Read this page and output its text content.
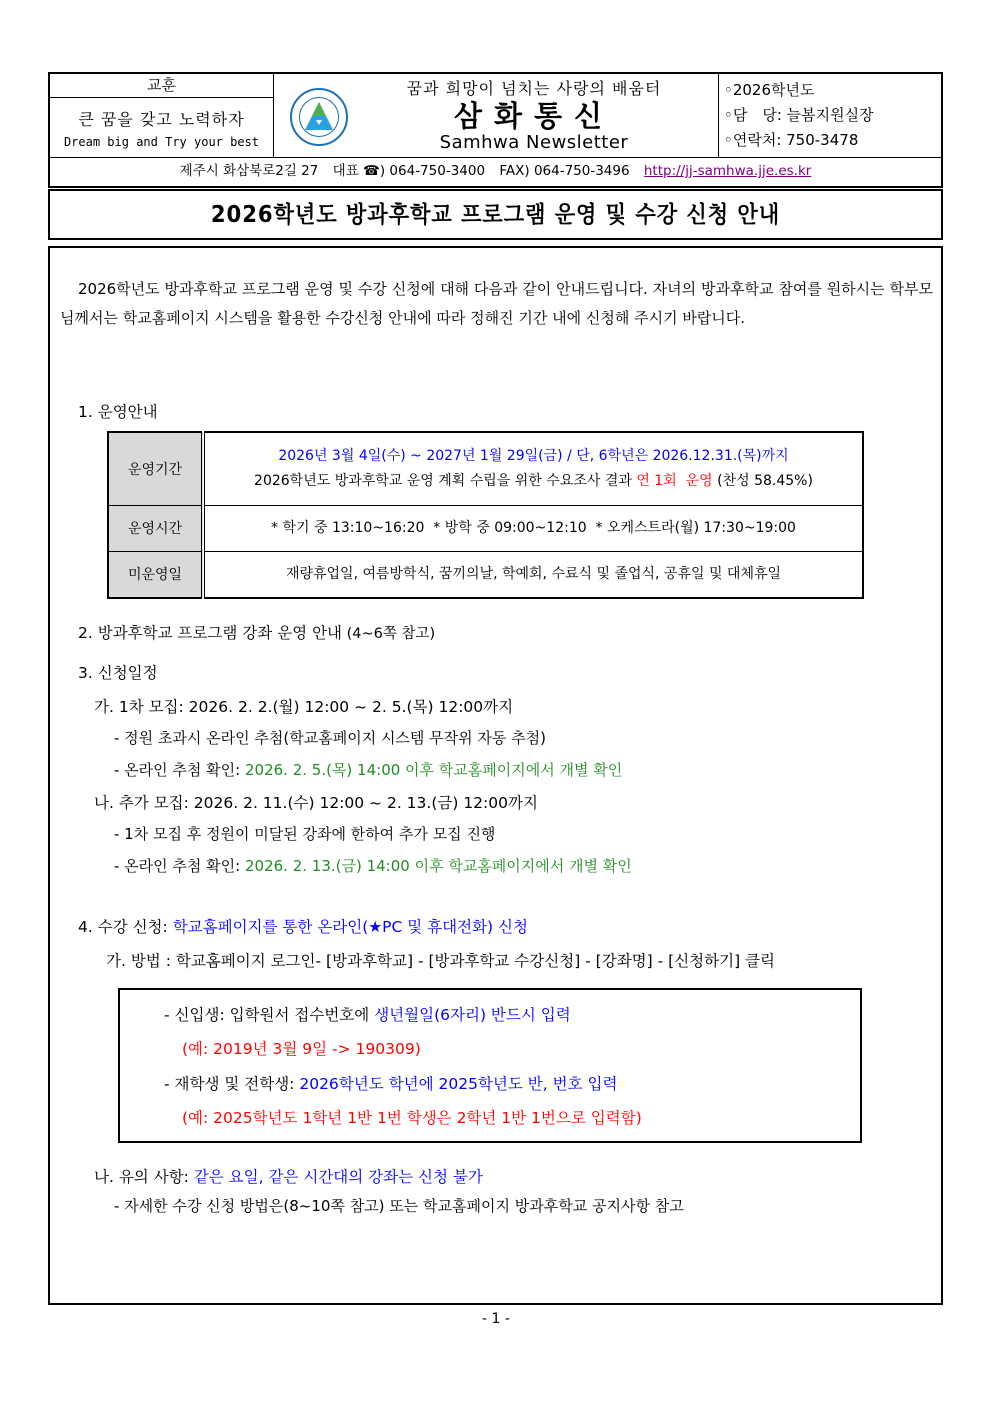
교훈
큰 꿈을 갖고 노력하자
Dream big and Try your best
꿈과 희망이 넘치는 사랑의 배움터
삼화통신
Samhwa Newsletter
◦2026학년도
◦담　당: 늘봄지원실장
◦연락처: 750-3478
제주시 화삼북로2길 27 대표 ☎) 064-750-3400 FAX) 064-750-3496 http://jj-samhwa.jje.es.kr
2026학년도 방과후학교 프로그램 운영 및 수강 신청 안내

2026학년도 방과후학교 프로그램 운영 및 수강 신청에 대해 다음과 같이 안내드립니다. 자녀의 방과후학교 참여를 원하시는 학부모님께서는 학교홈페이지 시스템을 활용한 수강신청 안내에 따라 정해진 기간 내에 신청해 주시기 바랍니다.

1. 운영안내
운영기간	2026년 3월 4일(수) ~ 2027년 1월 29일(금) / 단, 6학년은 2026.12.31.(목)까지
2026학년도 방과후학교 운영 계획 수립을 위한 수요조사 결과 연 1회  운영 (찬성 58.45%)

운영시간	* 학기 중 13:10~16:20  * 방학 중 09:00~12:10  * 오케스트라(월) 17:30~19:00
미운영일	재량휴업일, 여름방학식, 꿈끼의날, 학예회, 수료식 및 졸업식, 공휴일 및 대체휴일
2. 방과후학교 프로그램 강좌 운영 안내 (4~6쪽 참고)
3. 신청일정
가. 1차 모집: 2026. 2. 2.(월) 12:00 ~ 2. 5.(목) 12:00까지
- 정원 초과시 온라인 추첨(학교홈페이지 시스템 무작위 자동 추첨)
- 온라인 추첨 확인: 2026. 2. 5.(목) 14:00 이후 학교홈페이지에서 개별 확인
나. 추가 모집: 2026. 2. 11.(수) 12:00 ~ 2. 13.(금) 12:00까지
- 1차 모집 후 정원이 미달된 강좌에 한하여 추가 모집 진행
- 온라인 추첨 확인: 2026. 2. 13.(금) 14:00 이후 학교홈페이지에서 개별 확인
4. 수강 신청: 학교홈페이지를 통한 온라인(★PC 및 휴대전화) 신청
가. 방법 : 학교홈페이지 로그인- [방과후학교] - [방과후학교 수강신청] - [강좌명] - [신청하기] 클릭
- 신입생: 입학원서 접수번호에 생년월일(6자리) 반드시 입력
(예: 2019년 3월 9일 -> 190309)
- 재학생 및 전학생: 2026학년도 학년에 2025학년도 반, 번호 입력
(예: 2025학년도 1학년 1반 1번 학생은 2학년 1반 1번으로 입력함)
나. 유의 사항: 같은 요일, 같은 시간대의 강좌는 신청 불가
- 자세한 수강 신청 방법은(8~10쪽 참고) 또는 학교홈페이지 방과후학교 공지사항 참고
- 1 -
